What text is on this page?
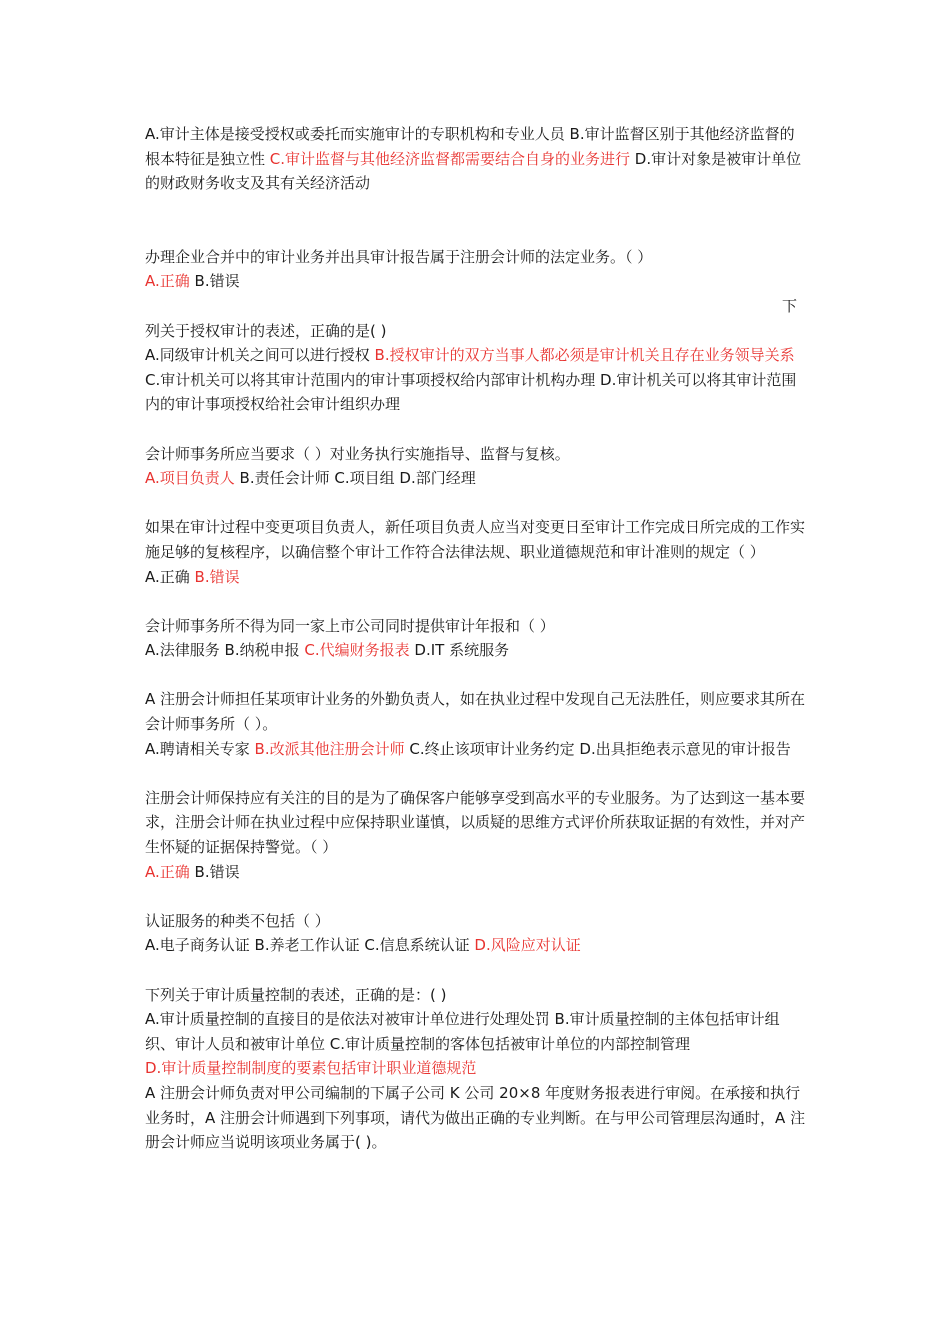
A.审计主体是接受授权或委托而实施审计的专职机构和专业人员 B.审计监督区别于其他经济监督的根本特征是独立性 C.审计监督与其他经济监督都需要结合自身的业务进行 D.审计对象是被审计单位的财政财务收支及其有关经济活动

办理企业合并中的审计业务并出具审计报告属于注册会计师的法定业务。（ ）

A.正确 B.错误

下

列关于授权审计的表述，正确的是( )

A.同级审计机关之间可以进行授权 B.授权审计的双方当事人都必须是审计机关且存在业务领导关系 C.审计机关可以将其审计范围内的审计事项授权给内部审计机构办理 D.审计机关可以将其审计范围内的审计事项授权给社会审计组织办理

会计师事务所应当要求（ ）对业务执行实施指导、监督与复核。

A.项目负责人 B.责任会计师 C.项目组 D.部门经理

如果在审计过程中变更项目负责人，新任项目负责人应当对变更日至审计工作完成日所完成的工作实施足够的复核程序，以确信整个审计工作符合法律法规、职业道德规范和审计准则的规定（ ）

A.正确 B.错误

会计师事务所不得为同一家上市公司同时提供审计年报和（ ）

A.法律服务 B.纳税申报 C.代编财务报表 D.IT 系统服务

A 注册会计师担任某项审计业务的外勤负责人，如在执业过程中发现自己无法胜任，则应要求其所在会计师事务所（ ）。

A.聘请相关专家 B.改派其他注册会计师 C.终止该项审计业务约定 D.出具拒绝表示意见的审计报告

注册会计师保持应有关注的目的是为了确保客户能够享受到高水平的专业服务。为了达到这一基本要求，注册会计师在执业过程中应保持职业谨慎，以质疑的思维方式评价所获取证据的有效性，并对产生怀疑的证据保持警觉。（ ）

A.正确 B.错误

认证服务的种类不包括（ ）

A.电子商务认证 B.养老工作认证 C.信息系统认证 D.风险应对认证

下列关于审计质量控制的表述，正确的是：( )

A.审计质量控制的直接目的是依法对被审计单位进行处理处罚 B.审计质量控制的主体包括审计组织、审计人员和被审计单位 C.审计质量控制的客体包括被审计单位的内部控制管理
D.审计质量控制制度的要素包括审计职业道德规范

A 注册会计师负责对甲公司编制的下属子公司 K 公司 20×8 年度财务报表进行审阅。在承接和执行业务时，A 注册会计师遇到下列事项，请代为做出正确的专业判断。在与甲公司管理层沟通时，A 注册会计师应当说明该项业务属于( )。
